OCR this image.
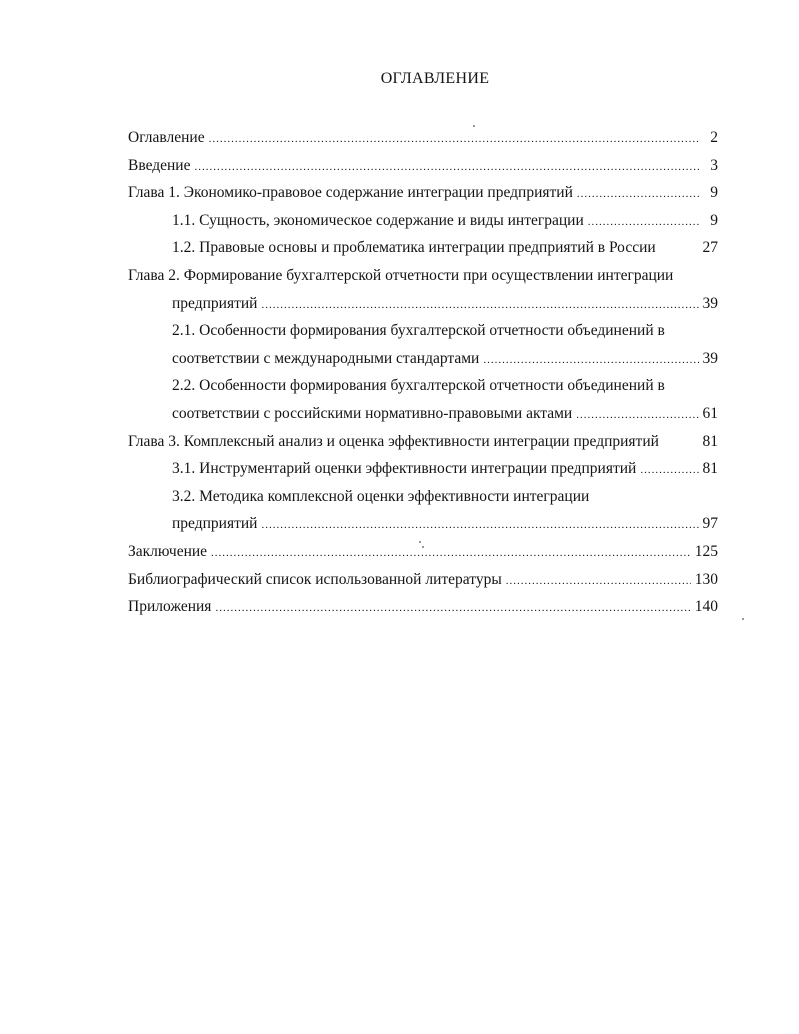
ОГЛАВЛЕНИЕ
Оглавление .....	2
Введение .....	3
Глава 1. Экономико-правовое содержание интеграции предприятий .....	9
1.1. Сущность, экономическое содержание и виды интеграции .....	9
1.2. Правовые основы и проблематика интеграции предприятий в России	27
Глава 2. Формирование бухгалтерской отчетности при осуществлении интеграции
предприятий .....	39
2.1. Особенности формирования бухгалтерской отчетности объединений в
соответствии с международными стандартами .....	39
2.2. Особенности формирования бухгалтерской отчетности объединений в
соответствии с российскими нормативно-правовыми актами .....	61
Глава 3. Комплексный анализ и оценка эффективности интеграции предприятий	81
3.1. Инструментарий оценки эффективности интеграции предприятий .....	81
3.2. Методика комплексной оценки эффективности интеграции
предприятий .....	97
Заключение .....	125
Библиографический список использованной литературы .....	130
Приложения .....	140
